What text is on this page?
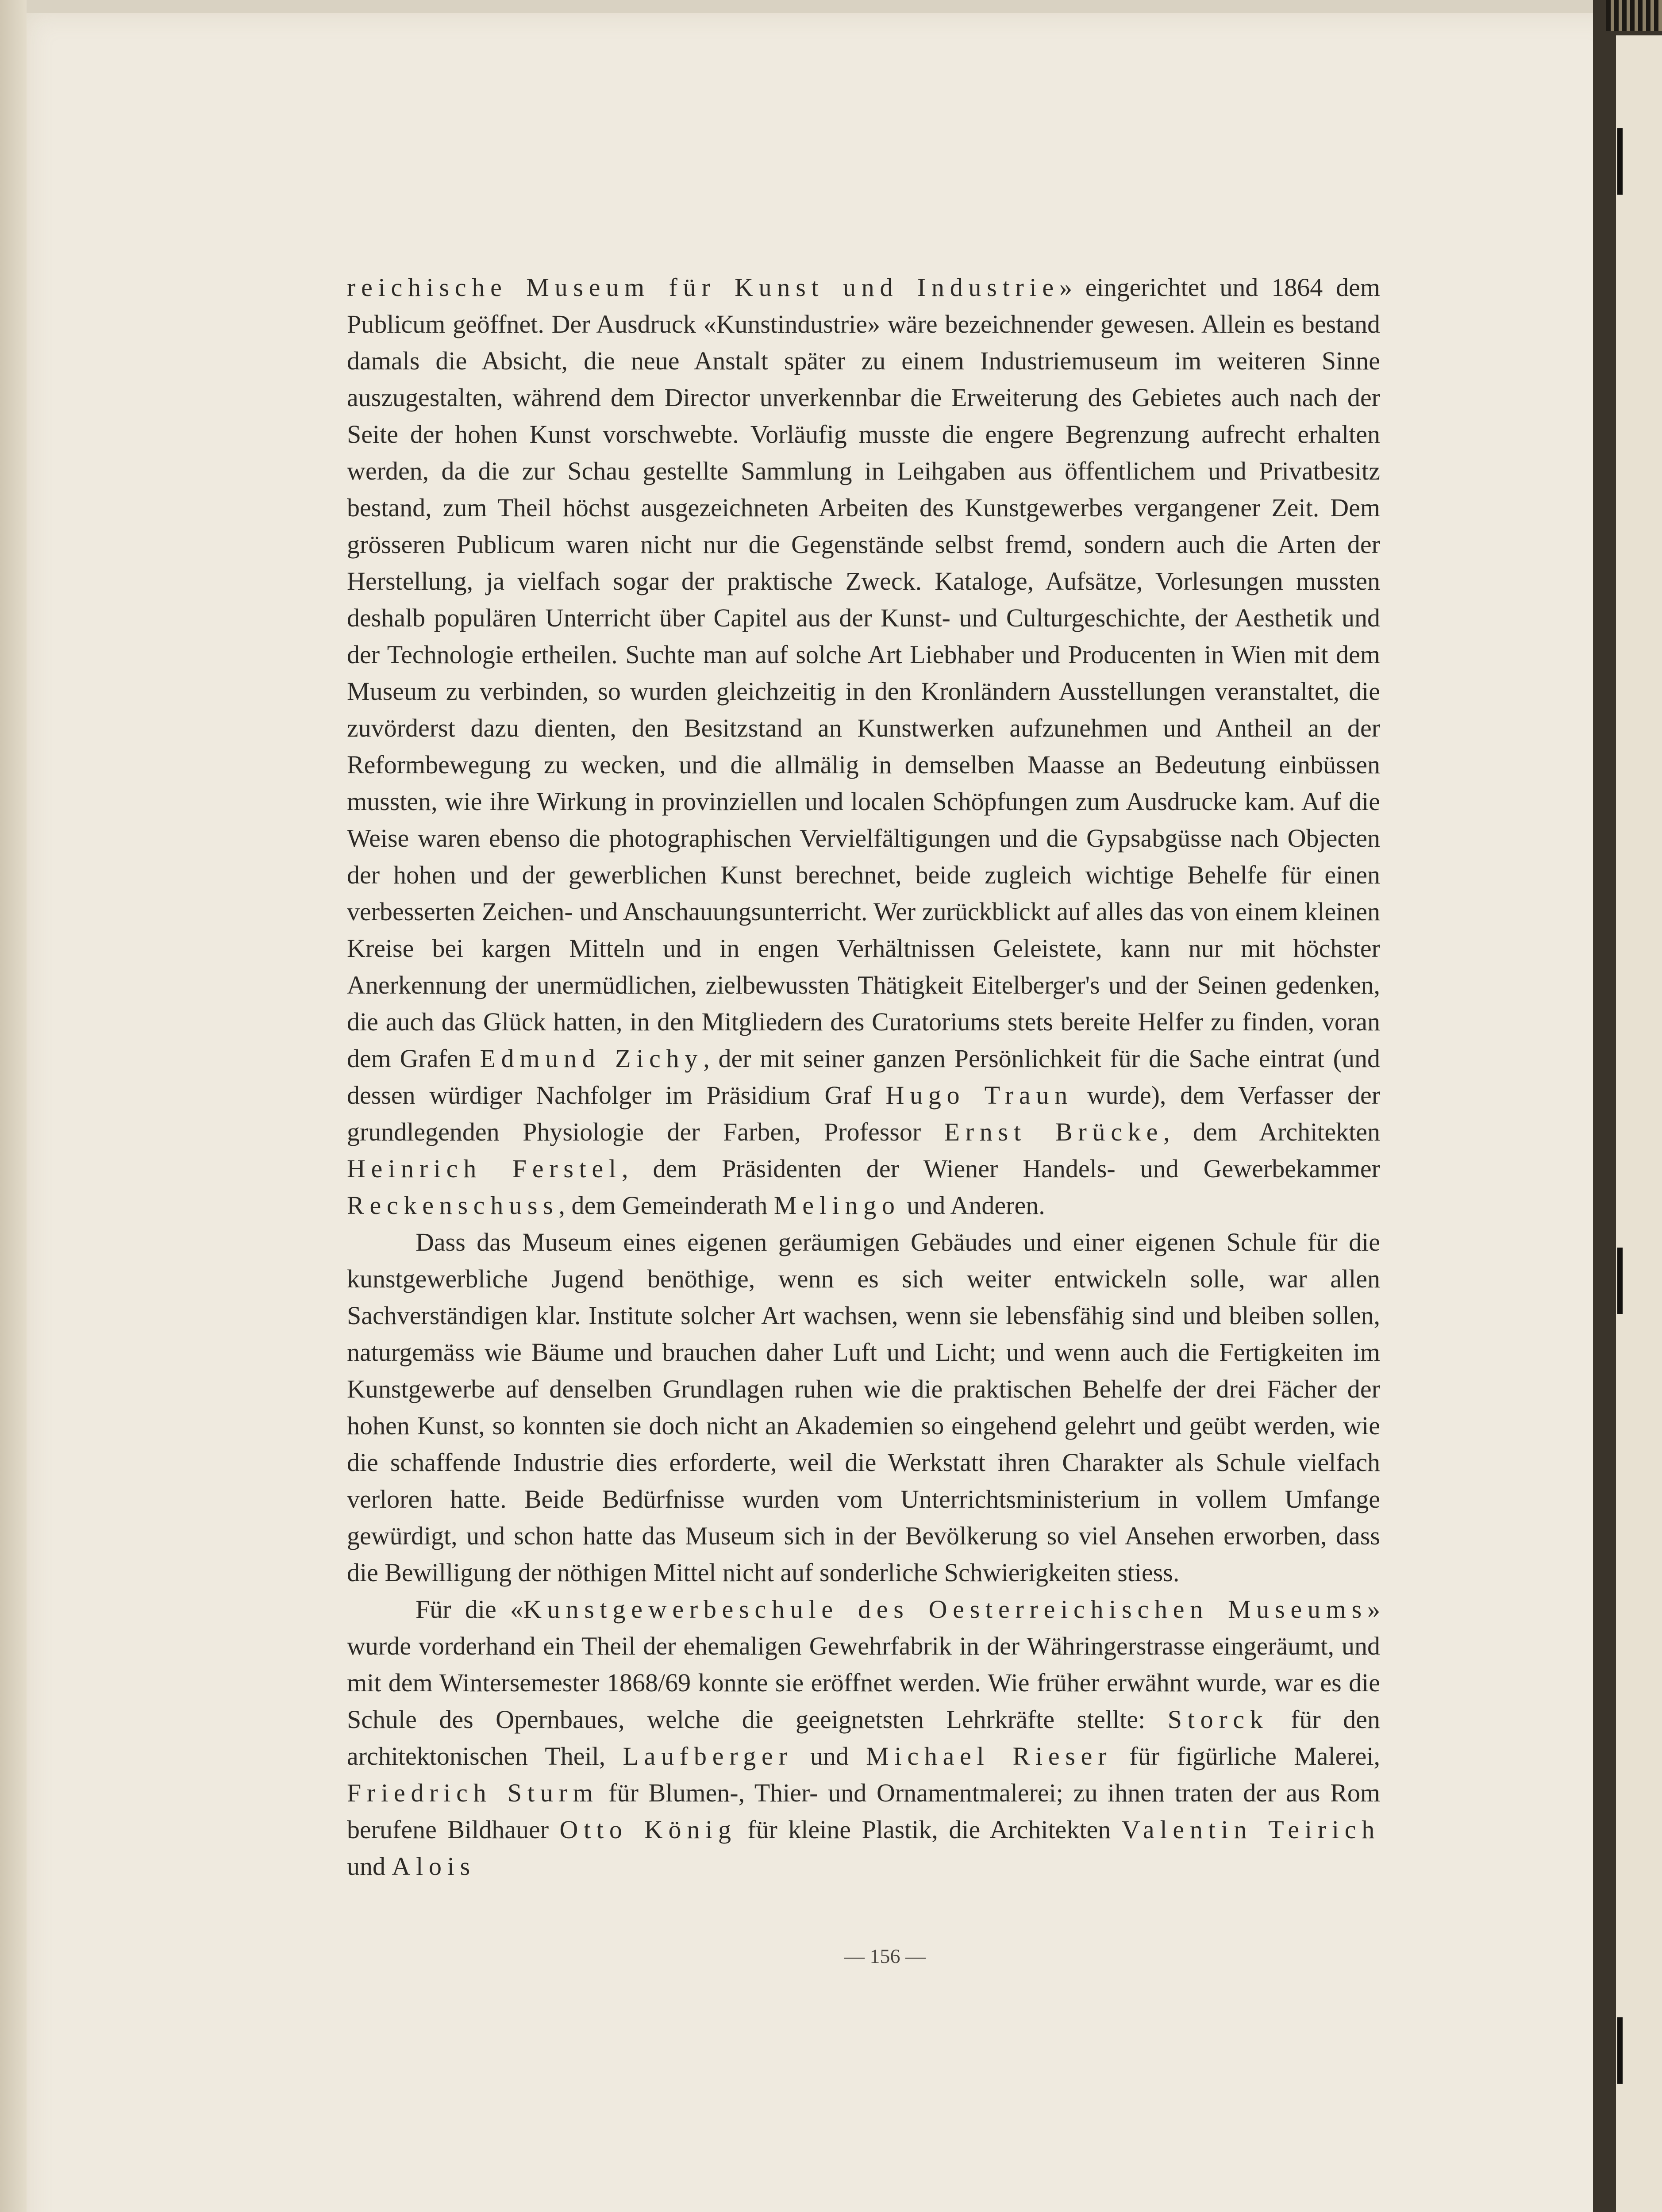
reichische Museum für Kunst und Industrie» eingerichtet und 1864 dem Publicum geöffnet. Der Ausdruck «Kunstindustrie» wäre bezeichnender gewesen. Allein es bestand damals die Absicht, die neue Anstalt später zu einem Industriemuseum im weiteren Sinne auszugestalten, während dem Director unverkennbar die Erweiterung des Gebietes auch nach der Seite der hohen Kunst vorschwebte. Vorläufig musste die engere Begrenzung aufrecht erhalten werden, da die zur Schau gestellte Sammlung in Leihgaben aus öffentlichem und Privatbesitz bestand, zum Theil höchst ausgezeichneten Arbeiten des Kunstgewerbes vergangener Zeit. Dem grösseren Publicum waren nicht nur die Gegenstände selbst fremd, sondern auch die Arten der Herstellung, ja vielfach sogar der praktische Zweck. Kataloge, Aufsätze, Vorlesungen mussten deshalb populären Unterricht über Capitel aus der Kunst- und Culturgeschichte, der Aesthetik und der Technologie ertheilen. Suchte man auf solche Art Liebhaber und Producenten in Wien mit dem Museum zu verbinden, so wurden gleichzeitig in den Kronländern Ausstellungen veranstaltet, die zuvörderst dazu dienten, den Besitzstand an Kunstwerken aufzunehmen und Antheil an der Reformbewegung zu wecken, und die allmälig in demselben Maasse an Bedeutung einbüssen mussten, wie ihre Wirkung in provinziellen und localen Schöpfungen zum Ausdrucke kam. Auf die Weise waren ebenso die photographischen Vervielfältigungen und die Gypsabgüsse nach Objecten der hohen und der gewerblichen Kunst berechnet, beide zugleich wichtige Behelfe für einen verbesserten Zeichen- und Anschauungsunterricht. Wer zurückblickt auf alles das von einem kleinen Kreise bei kargen Mitteln und in engen Verhältnissen Geleistete, kann nur mit höchster Anerkennung der unermüdlichen, zielbewussten Thätigkeit Eitelberger's und der Seinen gedenken, die auch das Glück hatten, in den Mitgliedern des Curatoriums stets bereite Helfer zu finden, voran dem Grafen Edmund Zichy, der mit seiner ganzen Persönlichkeit für die Sache eintrat (und dessen würdiger Nachfolger im Präsidium Graf Hugo Traun wurde), dem Verfasser der grundlegenden Physiologie der Farben, Professor Ernst Brücke, dem Architekten Heinrich Ferstel, dem Präsidenten der Wiener Handels- und Gewerbekammer Reckenschuss, dem Gemeinderath Melingo und Anderen.

Dass das Museum eines eigenen geräumigen Gebäudes und einer eigenen Schule für die kunstgewerbliche Jugend benöthige, wenn es sich weiter entwickeln solle, war allen Sachverständigen klar. Institute solcher Art wachsen, wenn sie lebensfähig sind und bleiben sollen, naturgemäss wie Bäume und brauchen daher Luft und Licht; und wenn auch die Fertigkeiten im Kunstgewerbe auf denselben Grundlagen ruhen wie die praktischen Behelfe der drei Fächer der hohen Kunst, so konnten sie doch nicht an Akademien so eingehend gelehrt und geübt werden, wie die schaffende Industrie dies erforderte, weil die Werkstatt ihren Charakter als Schule vielfach verloren hatte. Beide Bedürfnisse wurden vom Unterrichtsministerium in vollem Umfange gewürdigt, und schon hatte das Museum sich in der Bevölkerung so viel Ansehen erworben, dass die Bewilligung der nöthigen Mittel nicht auf sonderliche Schwierigkeiten stiess.

Für die «Kunstgewerbeschule des Oesterreichischen Museums» wurde vorderhand ein Theil der ehemaligen Gewehrfabrik in der Währingerstrasse eingeräumt, und mit dem Wintersemester 1868/69 konnte sie eröffnet werden. Wie früher erwähnt wurde, war es die Schule des Opernbaues, welche die geeignetsten Lehrkräfte stellte: Storck für den architektonischen Theil, Laufberger und Michael Rieser für figürliche Malerei, Friedrich Sturm für Blumen-, Thier- und Ornamentmalerei; zu ihnen traten der aus Rom berufene Bildhauer Otto König für kleine Plastik, die Architekten Valentin Teirich und Alois

— 156 —
